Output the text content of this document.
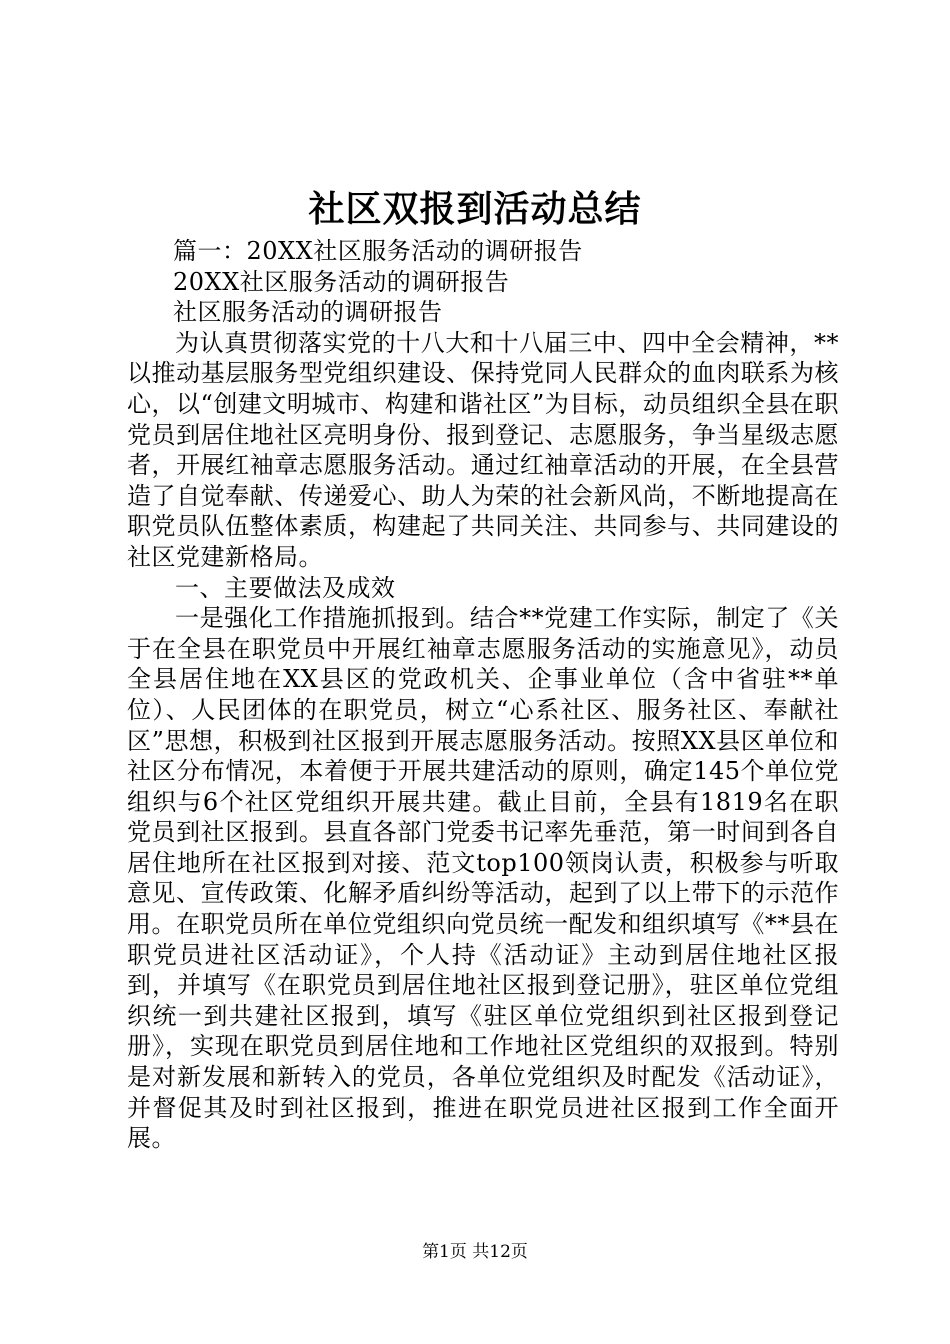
社区双报到活动总结

篇一：20XX社区服务活动的调研报告

20XX社区服务活动的调研报告

社区服务活动的调研报告

为认真贯彻落实党的十八大和十八届三中、四中全会精神，**以推动基层服务型党组织建设、保持党同人民群众的血肉联系为核心，以“创建文明城市、构建和谐社区”为目标，动员组织全县在职党员到居住地社区亮明身份、报到登记、志愿服务，争当星级志愿者，开展红袖章志愿服务活动。通过红袖章活动的开展，在全县营造了自觉奉献、传递爱心、助人为荣的社会新风尚，不断地提高在职党员队伍整体素质，构建起了共同关注、共同参与、共同建设的社区党建新格局。

一、主要做法及成效

一是强化工作措施抓报到。结合**党建工作实际，制定了《关于在全县在职党员中开展红袖章志愿服务活动的实施意见》，动员全县居住地在XX县区的党政机关、企事业单位（含中省驻**单位）、人民团体的在职党员，树立“心系社区、服务社区、奉献社区”思想，积极到社区报到开展志愿服务活动。按照XX县区单位和社区分布情况，本着便于开展共建活动的原则，确定145个单位党组织与6个社区党组织开展共建。截止目前，全县有1819名在职党员到社区报到。县直各部门党委书记率先垂范，第一时间到各自居住地所在社区报到对接、范文top100领岗认责，积极参与听取意见、宣传政策、化解矛盾纠纷等活动，起到了以上带下的示范作用。在职党员所在单位党组织向党员统一配发和组织填写《**县在职党员进社区活动证》，个人持《活动证》主动到居住地社区报到，并填写《在职党员到居住地社区报到登记册》，驻区单位党组织统一到共建社区报到，填写《驻区单位党组织到社区报到登记册》，实现在职党员到居住地和工作地社区党组织的双报到。特别是对新发展和新转入的党员，各单位党组织及时配发《活动证》，并督促其及时到社区报到，推进在职党员进社区报到工作全面开展。

第1页 共12页
